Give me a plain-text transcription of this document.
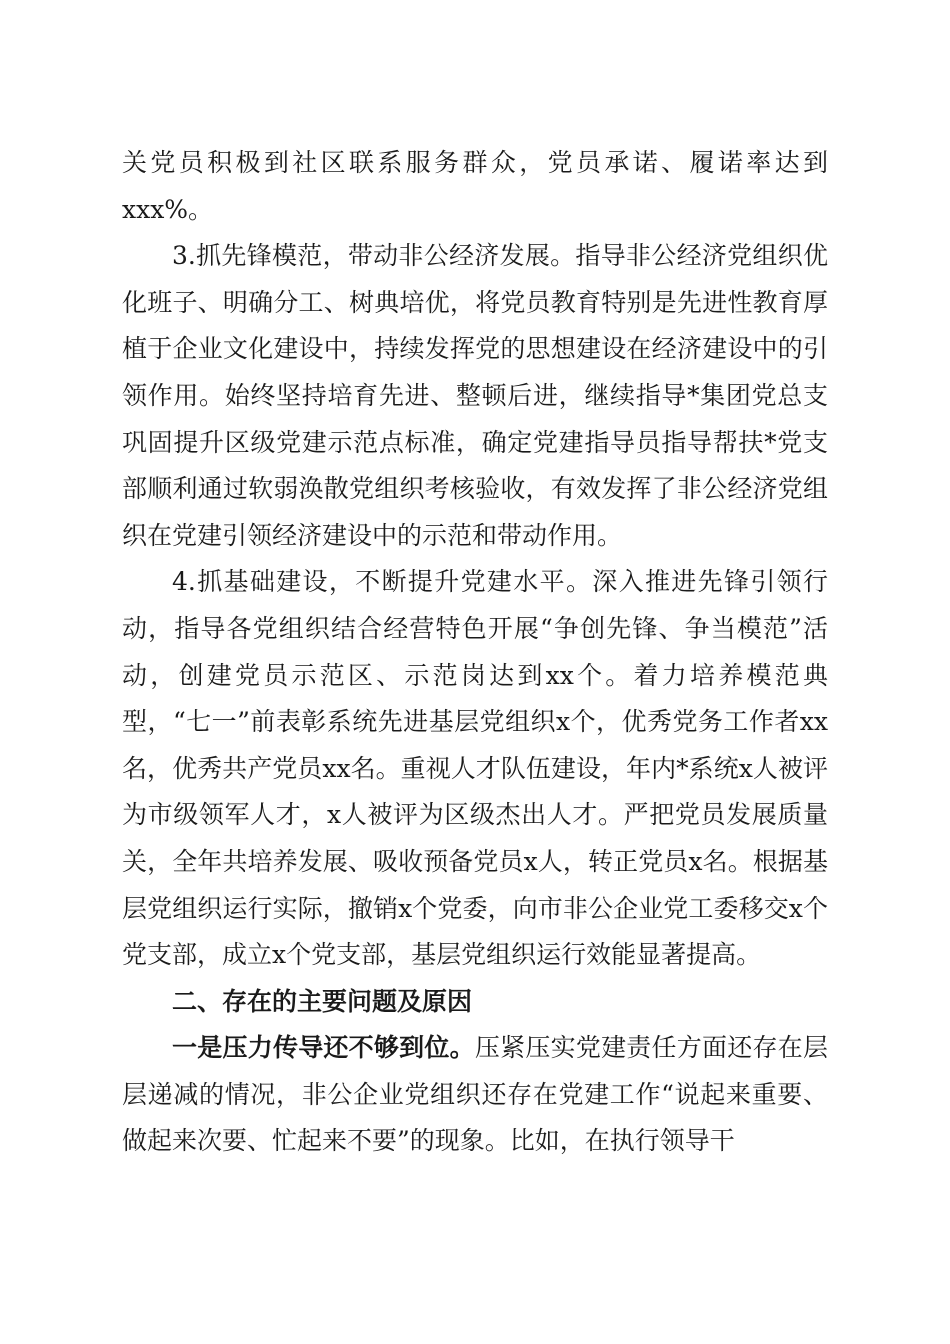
关党员积极到社区联系服务群众，党员承诺、履诺率达到xxx%。

3.抓先锋模范，带动非公经济发展。指导非公经济党组织优化班子、明确分工、树典培优，将党员教育特别是先进性教育厚植于企业文化建设中，持续发挥党的思想建设在经济建设中的引领作用。始终坚持培育先进、整顿后进，继续指导*集团党总支巩固提升区级党建示范点标准，确定党建指导员指导帮扶*党支部顺利通过软弱涣散党组织考核验收，有效发挥了非公经济党组织在党建引领经济建设中的示范和带动作用。

4.抓基础建设，不断提升党建水平。深入推进先锋引领行动，指导各党组织结合经营特色开展“争创先锋、争当模范”活动，创建党员示范区、示范岗达到xx个。着力培养模范典型，“七一”前表彰系统先进基层党组织x个，优秀党务工作者xx名，优秀共产党员xx名。重视人才队伍建设，年内*系统x人被评为市级领军人才，x人被评为区级杰出人才。严把党员发展质量关，全年共培养发展、吸收预备党员x人，转正党员x名。根据基层党组织运行实际，撤销x个党委，向市非公企业党工委移交x个党支部，成立x个党支部，基层党组织运行效能显著提高。

二、存在的主要问题及原因

一是压力传导还不够到位。压紧压实党建责任方面还存在层层递减的情况，非公企业党组织还存在党建工作“说起来重要、做起来次要、忙起来不要”的现象。比如，在执行领导干
